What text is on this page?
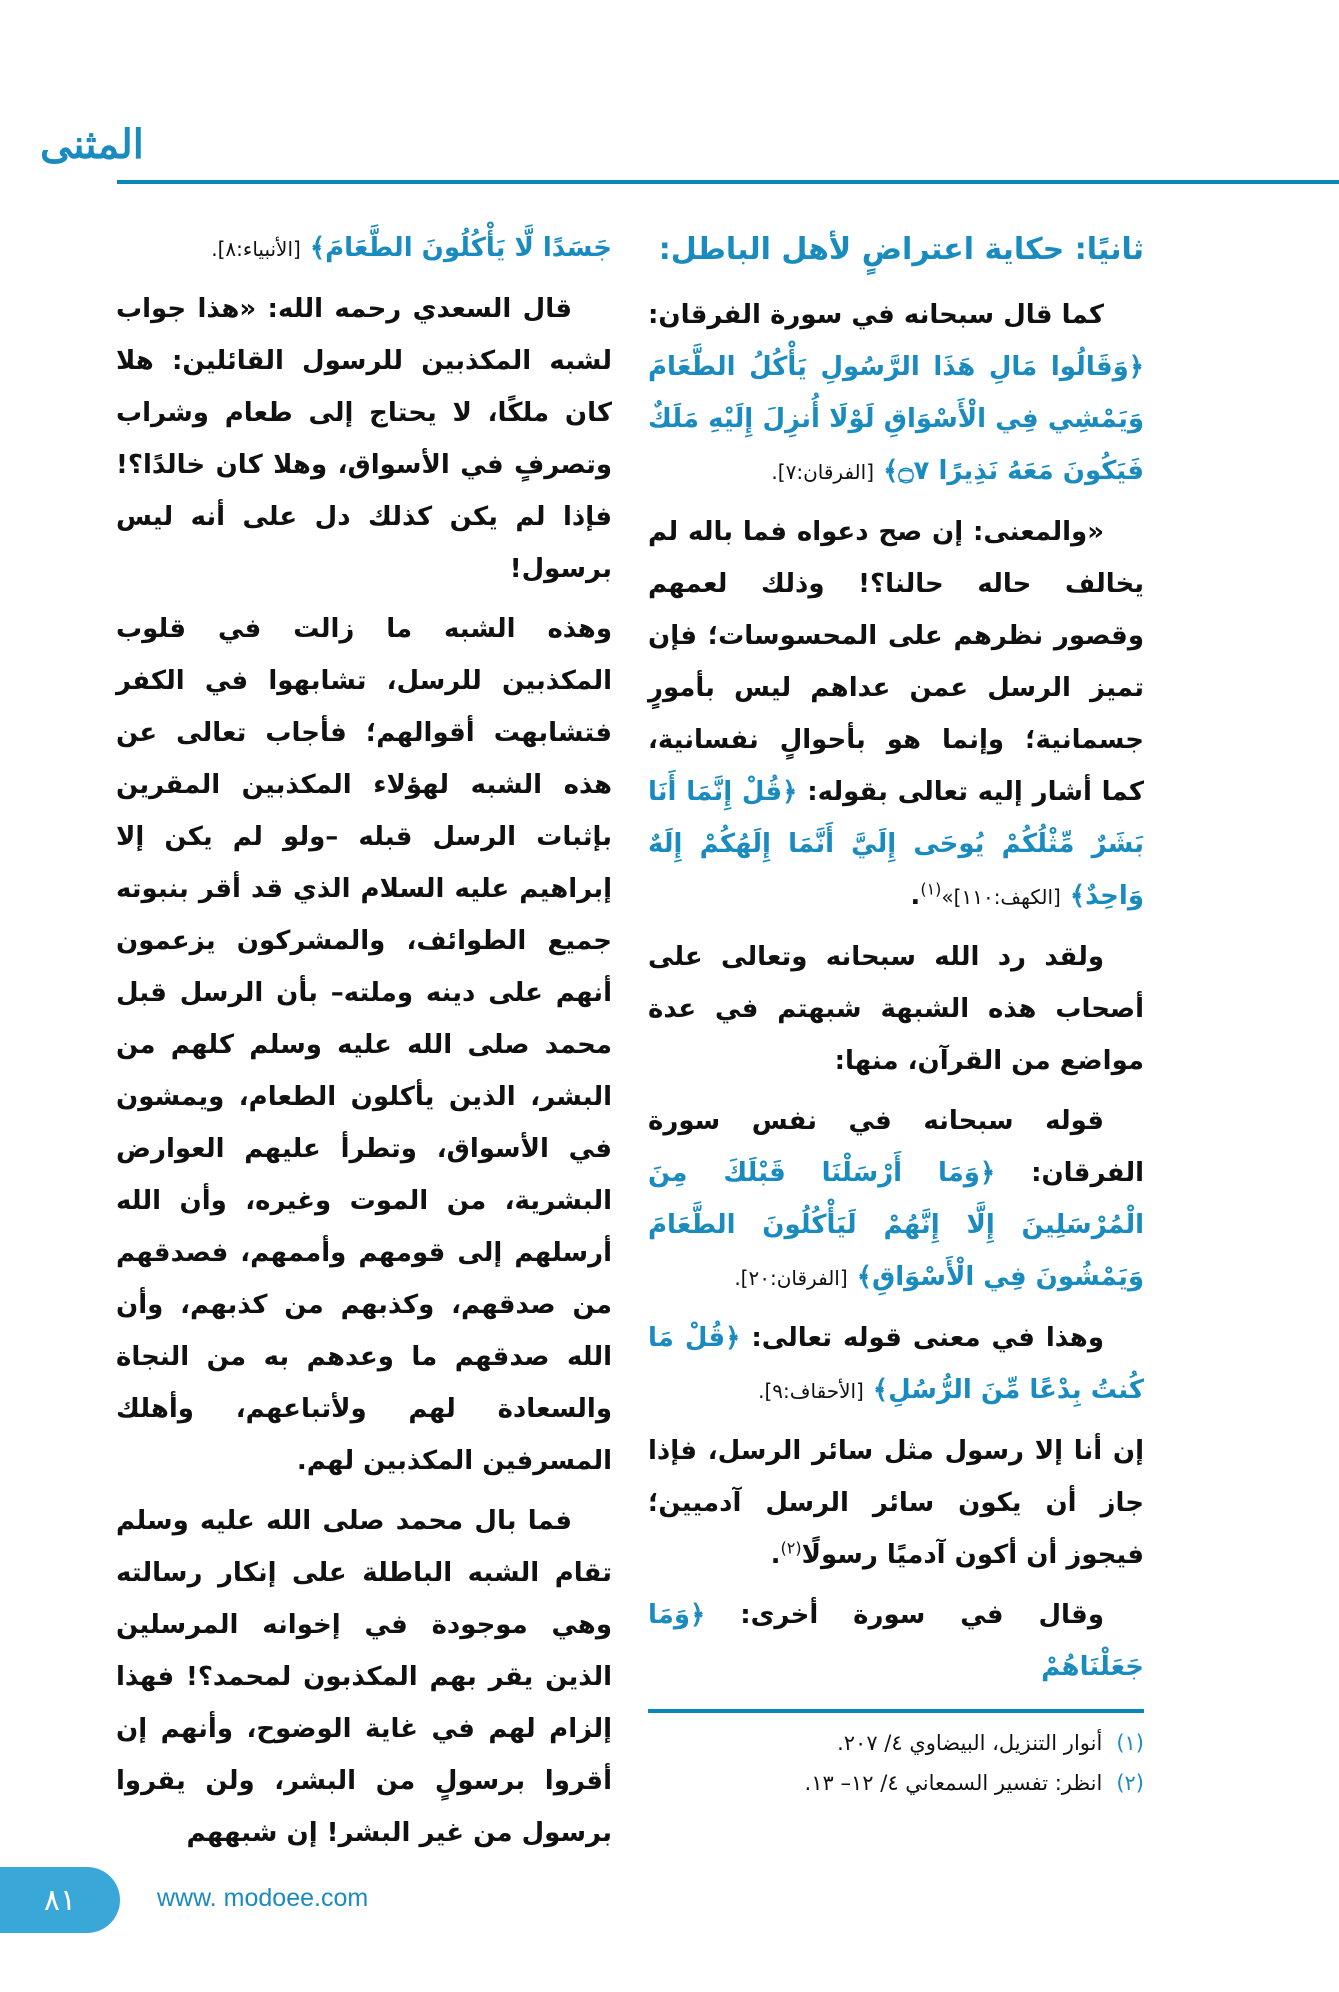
المثنى
ثانيًا: حكاية اعتراضٍ لأهل الباطل:
كما قال سبحانه في سورة الفرقان: ﴿وَقَالُوا مَالِ هَذَا الرَّسُولِ يَأْكُلُ الطَّعَامَ وَيَمْشِي فِي الْأَسْوَاقِ لَوْلَا أُنزِلَ إِلَيْهِ مَلَكٌ فَيَكُونَ مَعَهُ نَذِيرًا ۝٧﴾ [الفرقان:٧].
«والمعنى: إن صح دعواه فما باله لم يخالف حاله حالنا؟! وذلك لعمهم وقصور نظرهم على المحسوسات؛ فإن تميز الرسل عمن عداهم ليس بأمورٍ جسمانية؛ وإنما هو بأحوالٍ نفسانية، كما أشار إليه تعالى بقوله: ﴿قُلْ إِنَّمَا أَنَا بَشَرٌ مِّثْلُكُمْ يُوحَى إِلَيَّ أَنَّمَا إِلَهُكُمْ إِلَهٌ وَاحِدٌ﴾ [الكهف:١١٠]»$^{(١)}$.
ولقد رد الله سبحانه وتعالى على أصحاب هذه الشبهة شبهتم في عدة مواضع من القرآن، منها:
قوله سبحانه في نفس سورة الفرقان: ﴿وَمَا أَرْسَلْنَا قَبْلَكَ مِنَ الْمُرْسَلِينَ إِلَّا إِنَّهُمْ لَيَأْكُلُونَ الطَّعَامَ وَيَمْشُونَ فِي الْأَسْوَاقِ﴾ [الفرقان:٢٠].
وهذا في معنى قوله تعالى: ﴿قُلْ مَا كُنتُ بِدْعًا مِّنَ الرُّسُلِ﴾ [الأحقاف:٩].
إن أنا إلا رسول مثل سائر الرسل، فإذا جاز أن يكون سائر الرسل آدميين؛ فيجوز أن أكون آدميًا رسولًا$^{(٢)}$.
وقال في سورة أخرى: ﴿وَمَا جَعَلْنَاهُمْ
(١)أنوار التنزيل، البيضاوي ٤/ ٢٠٧.
(٢)انظر: تفسير السمعاني ٤/ ١٢– ١٣.
جَسَدًا لَّا يَأْكُلُونَ الطَّعَامَ﴾ [الأنبياء:٨].
قال السعدي رحمه الله: «هذا جواب لشبه المكذبين للرسول القائلين: هلا كان ملكًا، لا يحتاج إلى طعام وشراب وتصرفٍ في الأسواق، وهلا كان خالدًا؟! فإذا لم يكن كذلك دل على أنه ليس برسول!
وهذه الشبه ما زالت في قلوب المكذبين للرسل، تشابهوا في الكفر فتشابهت أقوالهم؛ فأجاب تعالى عن هذه الشبه لهؤلاء المكذبين المقرين بإثبات الرسل قبله –ولو لم يكن إلا إبراهيم عليه السلام الذي قد أقر بنبوته جميع الطوائف، والمشركون يزعمون أنهم على دينه وملته– بأن الرسل قبل محمد صلى الله عليه وسلم كلهم من البشر، الذين يأكلون الطعام، ويمشون في الأسواق، وتطرأ عليهم العوارض البشرية، من الموت وغيره، وأن الله أرسلهم إلى قومهم وأممهم، فصدقهم من صدقهم، وكذبهم من كذبهم، وأن الله صدقهم ما وعدهم به من النجاة والسعادة لهم ولأتباعهم، وأهلك المسرفين المكذبين لهم.
فما بال محمد صلى الله عليه وسلم تقام الشبه الباطلة على إنكار رسالته وهي موجودة في إخوانه المرسلين الذين يقر بهم المكذبون لمحمد؟! فهذا إلزام لهم في غاية الوضوح، وأنهم إن أقروا برسولٍ من البشر، ولن يقروا برسول من غير البشر! إن شبههم
٨١	www. modoee.com
